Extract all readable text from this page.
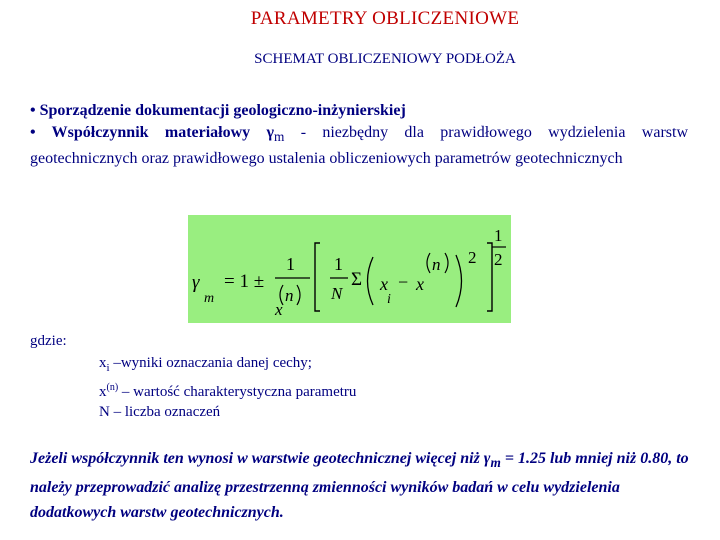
PARAMETRY OBLICZENIOWE
SCHEMAT OBLICZENIOWY PODŁOŻA
• Sporządzenie dokumentacji geologiczno-inżynierskiej
• Współczynnik materiałowy $\gamma_m$ - niezbędny dla prawidłowego wydzielenia warstw geotechnicznych oraz prawidłowego ustalenia obliczeniowych parametrów geotechnicznych
γ
m
= 1 ±
1
n
x
1
N
Σ x
i
− x
n 2
1
2
gdzie:
$x_i$ –wyniki oznaczania danej cechy;
$x^{(n)}$ – wartość charakterystyczna parametru
N – liczba oznaczeń
Jeżeli współczynnik ten wynosi w warstwie geotechnicznej więcej niż $\gamma_m = 1.25$ lub mniej niż 0.80, to należy przeprowadzić analizę przestrzenną zmienności wyników badań w celu wydzielenia dodatkowych warstw geotechnicznych.
